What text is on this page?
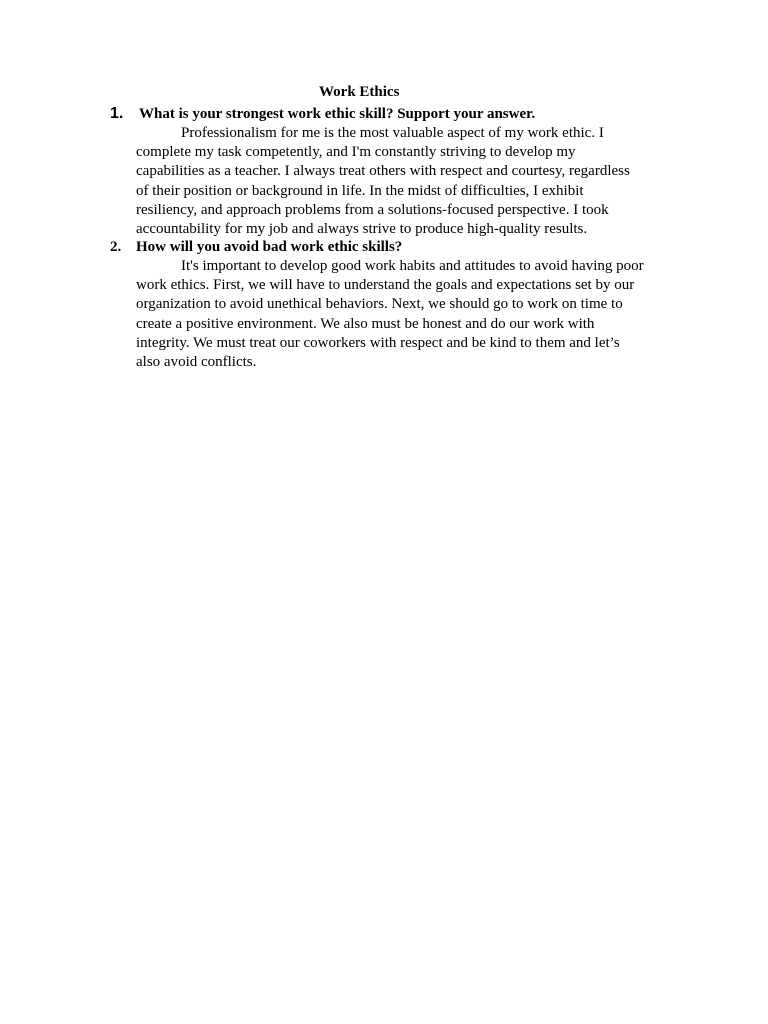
Work Ethics
1.	What is your strongest work ethic skill? Support your answer.
Professionalism for me is the most valuable aspect of my work ethic. I
complete my task competently, and I'm constantly striving to develop my
capabilities as a teacher. I always treat others with respect and courtesy, regardless
of their position or background in life. In the midst of difficulties, I exhibit
resiliency, and approach problems from a solutions-focused perspective. I took
accountability for my job and always strive to produce high-quality results.
2. How will you avoid bad work ethic skills?
It's important to develop good work habits and attitudes to avoid having poor
work ethics. First, we will have to understand the goals and expectations set by our
organization to avoid unethical behaviors. Next, we should go to work on time to
create a positive environment. We also must be honest and do our work with
integrity. We must treat our coworkers with respect and be kind to them and let’s
also avoid conflicts.
